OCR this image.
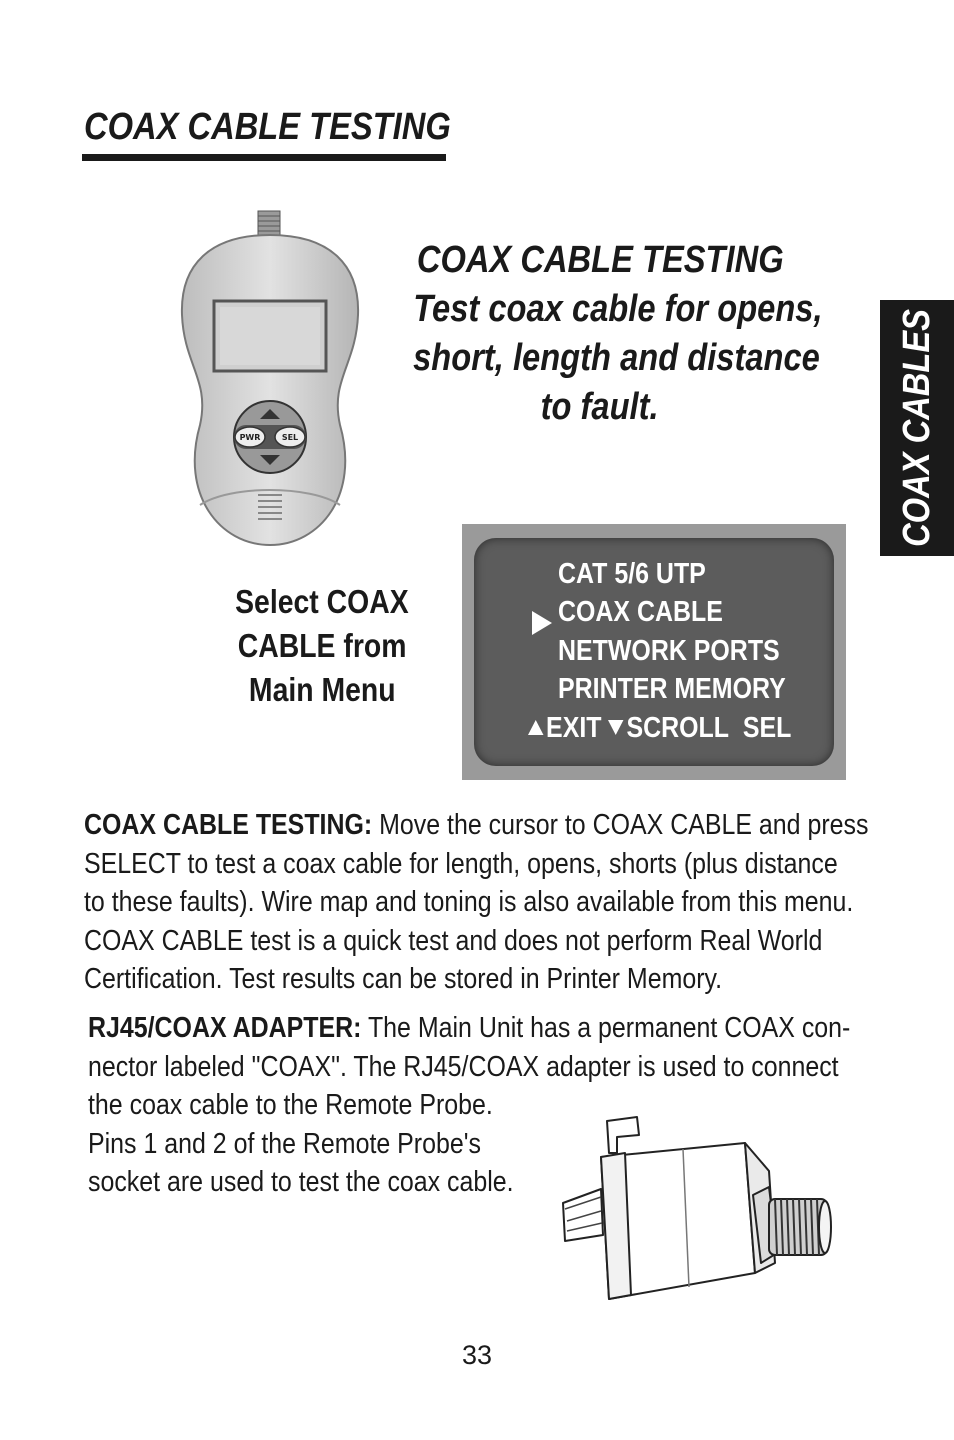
COAX CABLE TESTING
COAX CABLES
PWR	SEL
COAX CABLE TESTING
Test coax cable for opens,
short, length and distance
to fault.
Select COAX
CABLE from
Main Menu
CAT 5/6 UTP
COAX CABLE
NETWORK PORTS
PRINTER MEMORY
EXIT SCROLL SEL
COAX CABLE TESTING: Move the cursor to COAX CABLE and press
SELECT to test a coax cable for length, opens, shorts (plus distance
to these faults). Wire map and toning is also available from this menu.
COAX CABLE test is a quick test and does not perform Real World
Certification. Test results can be stored in Printer Memory.
RJ45/COAX ADAPTER: The Main Unit has a permanent COAX con-
nector labeled "COAX". The RJ45/COAX adapter is used to connect
the coax cable to the Remote Probe.
Pins 1 and 2 of the Remote Probe's
socket are used to test the coax cable.
33
